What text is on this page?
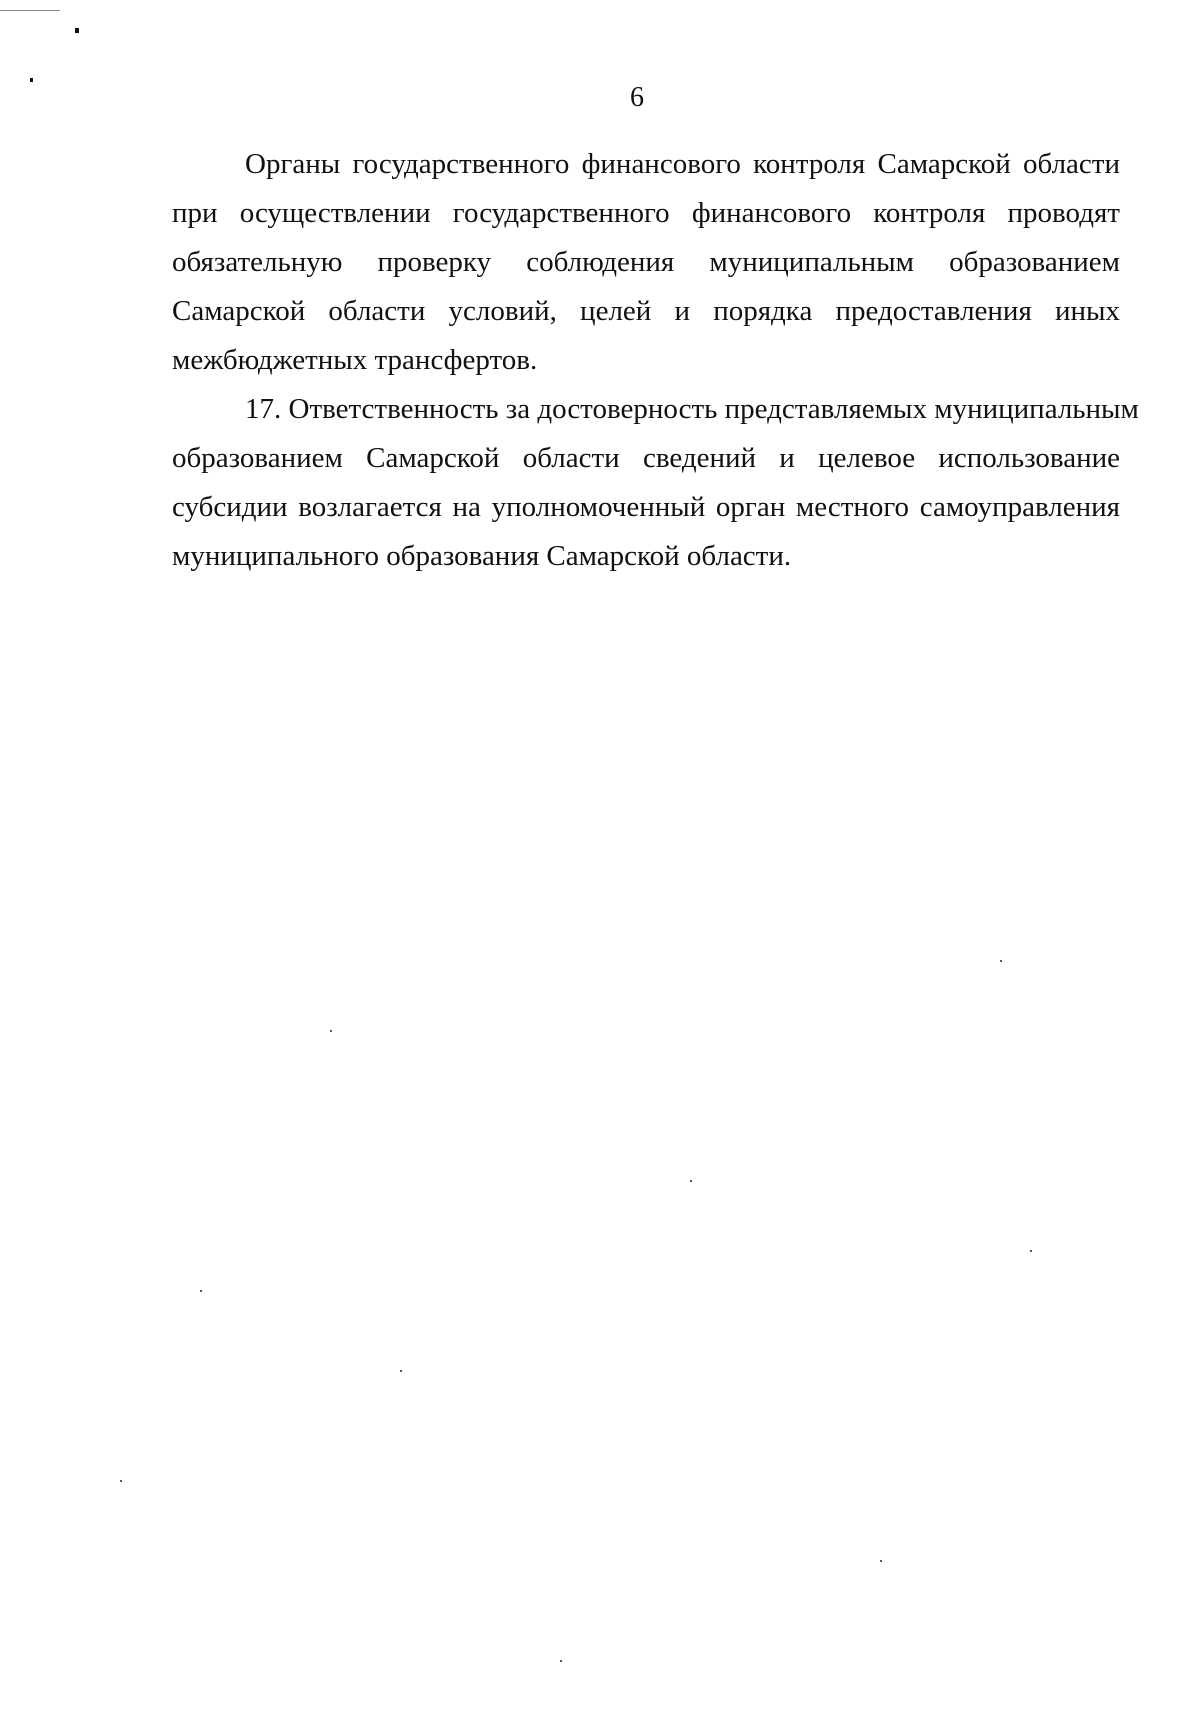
6
Органы государственного финансового контроля Самарской области
при осуществлении государственного финансового контроля проводят
обязательную проверку соблюдения муниципальным образованием
Самарской области условий, целей и порядка предоставления иных
межбюджетных трансфертов.
17. Ответственность за достоверность представляемых муниципальным
образованием Самарской области сведений и целевое использование
субсидии возлагается на уполномоченный орган местного самоуправления
муниципального образования Самарской области.
